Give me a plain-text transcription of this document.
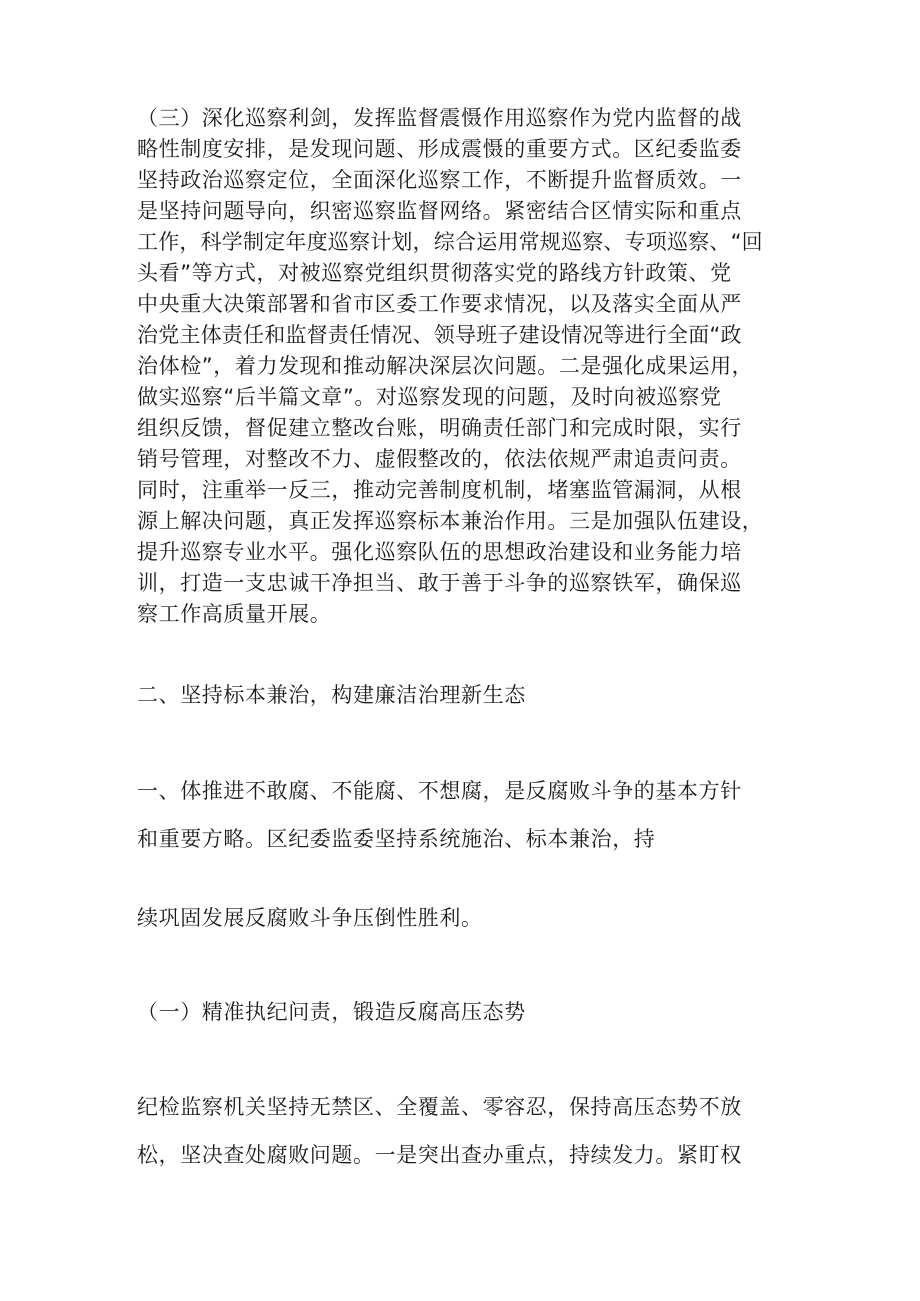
（三）深化巡察利剑，发挥监督震慑作用巡察作为党内监督的战
略性制度安排，是发现问题、形成震慑的重要方式。区纪委监委
坚持政治巡察定位，全面深化巡察工作，不断提升监督质效。一
是坚持问题导向，织密巡察监督网络。紧密结合区情实际和重点
工作，科学制定年度巡察计划，综合运用常规巡察、专项巡察、“回
头看”等方式，对被巡察党组织贯彻落实党的路线方针政策、党
中央重大决策部署和省市区委工作要求情况，以及落实全面从严
治党主体责任和监督责任情况、领导班子建设情况等进行全面“政
治体检”，着力发现和推动解决深层次问题。二是强化成果运用，
做实巡察“后半篇文章”。对巡察发现的问题，及时向被巡察党
组织反馈，督促建立整改台账，明确责任部门和完成时限，实行
销号管理，对整改不力、虚假整改的，依法依规严肃追责问责。
同时，注重举一反三，推动完善制度机制，堵塞监管漏洞，从根
源上解决问题，真正发挥巡察标本兼治作用。三是加强队伍建设，
提升巡察专业水平。强化巡察队伍的思想政治建设和业务能力培
训，打造一支忠诚干净担当、敢于善于斗争的巡察铁军，确保巡
察工作高质量开展。
二、坚持标本兼治，构建廉洁治理新生态
一、体推进不敢腐、不能腐、不想腐，是反腐败斗争的基本方针
和重要方略。区纪委监委坚持系统施治、标本兼治，持
续巩固发展反腐败斗争压倒性胜利。
（一）精准执纪问责，锻造反腐高压态势
纪检监察机关坚持无禁区、全覆盖、零容忍，保持高压态势不放
松，坚决查处腐败问题。一是突出查办重点，持续发力。紧盯权
